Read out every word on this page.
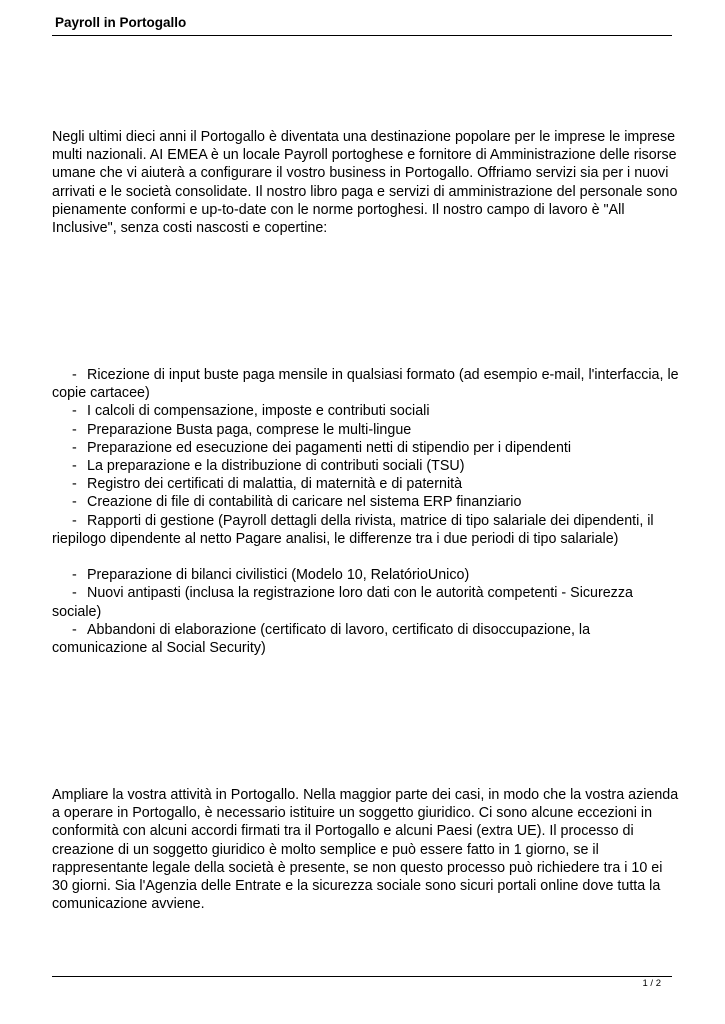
Payroll in Portogallo

Negli ultimi dieci anni il Portogallo è diventata una destinazione popolare per le imprese le imprese multi nazionali. AI EMEA è un locale Payroll portoghese e fornitore di Amministrazione delle risorse umane che vi aiuterà a configurare il vostro business in Portogallo. Offriamo servizi sia per i nuovi arrivati e le società consolidate. Il nostro libro paga e servizi di amministrazione del personale sono pienamente conformi e up-to-date con le norme portoghesi. Il nostro campo di lavoro è "All Inclusive", senza costi nascosti e copertine:

- Ricezione di input buste paga mensile in qualsiasi formato (ad esempio e-mail, l'interfaccia, le copie cartacee)
- I calcoli di compensazione, imposte e contributi sociali
- Preparazione Busta paga, comprese le multi-lingue
- Preparazione ed esecuzione dei pagamenti netti di stipendio per i dipendenti
- La preparazione e la distribuzione di contributi sociali (TSU)
- Registro dei certificati di malattia, di maternità e di paternità
- Creazione di file di contabilità di caricare nel sistema ERP finanziario
- Rapporti di gestione (Payroll dettagli della rivista, matrice di tipo salariale dei dipendenti, il riepilogo dipendente al netto Pagare analisi, le differenze tra i due periodi di tipo salariale)
- Preparazione di bilanci civilistici (Modelo 10, RelatórioUnico)
- Nuovi antipasti (inclusa la registrazione loro dati con le autorità competenti - Sicurezza sociale)
- Abbandoni di elaborazione (certificato di lavoro, certificato di disoccupazione, la comunicazione al Social Security)

Ampliare la vostra attività in Portogallo. Nella maggior parte dei casi, in modo che la vostra azienda a operare in Portogallo, è necessario istituire un soggetto giuridico. Ci sono alcune eccezioni in conformità con alcuni accordi firmati tra il Portogallo e alcuni Paesi (extra UE). Il processo di creazione di un soggetto giuridico è molto semplice e può essere fatto in 1 giorno, se il rappresentante legale della società è presente, se non questo processo può richiedere tra i 10 ei 30 giorni. Sia l'Agenzia delle Entrate e la sicurezza sociale sono sicuri portali online dove tutta la comunicazione avviene.

1 / 2
